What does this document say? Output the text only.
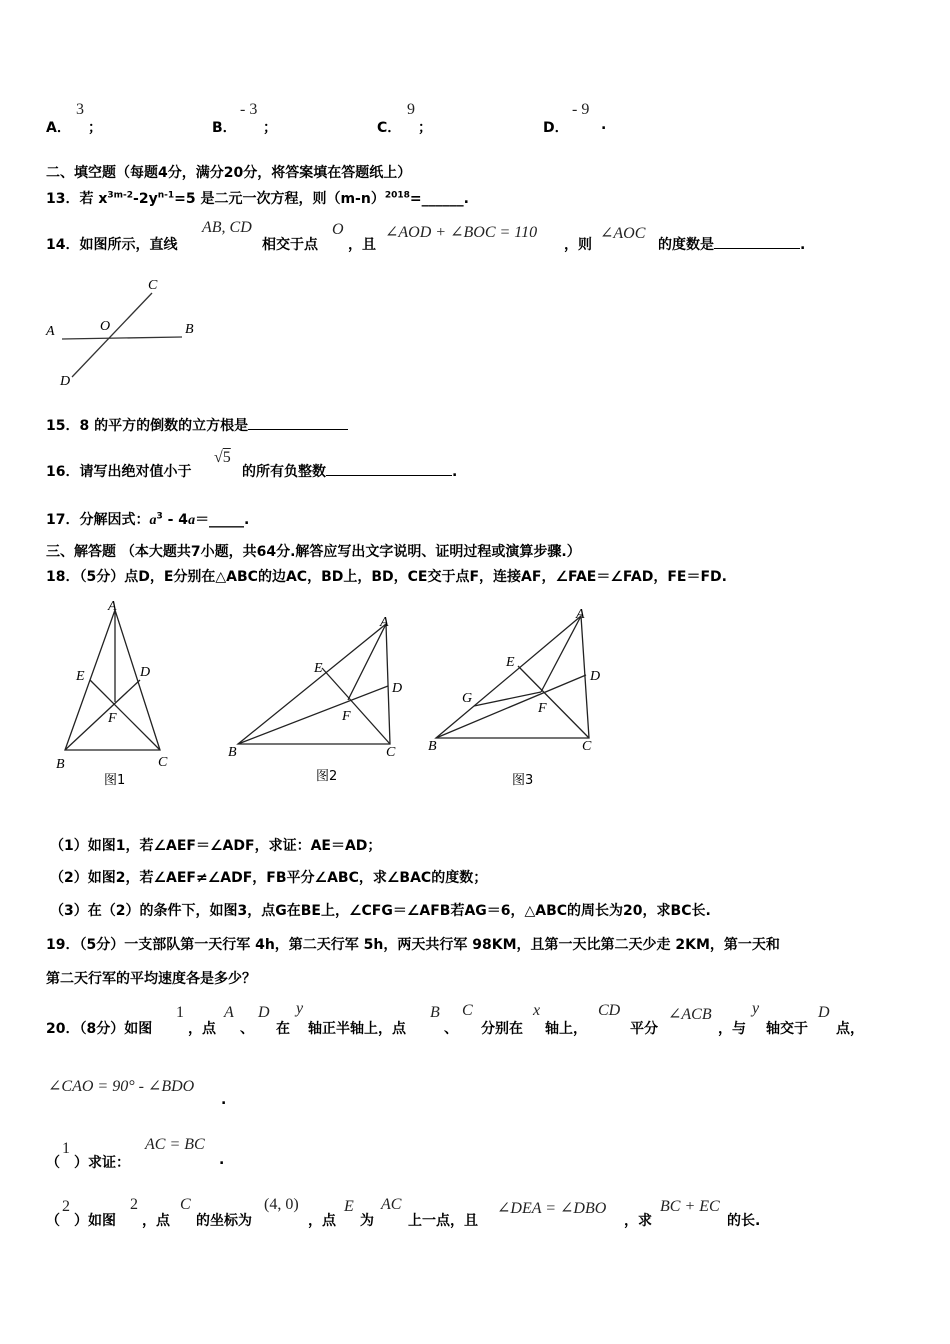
A．
3
；	B．
- 3
；	C．
9
；	D．
- 9
.
二、填空题（每题4分，满分20分，将答案填在答题纸上）
13．若 $x^{3m-2}-2y^{n-1}=5$ 是二元一次方程，则$(m-n)^{2018}=\_\_\_\_\_\_$.
14．如图所示，直线
AB, CD
相交于点
O
，且
∠AOD + ∠BOC = 110
，则
∠AOC
的度数是	.
A	O	B
C
D
15．8 的平方的倒数的立方根是
16．请写出绝对值小于
√5
的所有负整数	.
17．分解因式：$a^3$ - 4a＝_____.
三、解答题 （本大题共7小题，共64分.解答应写出文字说明、证明过程或演算步骤.）
18．（5分）点D，E分别在△ABC的边AC，BD上，BD，CE交于点F，连接AF，∠FAE＝∠FAD，FE＝FD.
A
E	D
F
B	C
图1
A
E
D
F
B	C
图2
A
E
G
D
F
B	C
图3
（1）如图1，若∠AEF＝∠ADF，求证：AE＝AD；
（2）如图2，若∠AEF≠∠ADF，FB平分∠ABC，求∠BAC的度数；
（3）在（2）的条件下，如图3，点G在BE上，∠CFG＝∠AFB若AG＝6，△ABC的周长为20，求BC长.
19．（5分）一支部队第一天行军 4h，第二天行军 5h，两天共行军 98KM，且第一天比第二天少走 2KM，第一天和
第二天行军的平均速度各是多少？
20．（8分）如图
1
，点
A
、
D
在
y
轴正半轴上，点
B
、
C
分别在
x
轴上，
CD
平分
∠ACB
，与
y
轴交于
D
点，
∠CAO = 90° - ∠BDO
.
（
1
）求证：
AC = BC
.
（
2
）如图
2
，点
C
的坐标为
(4, 0)
，点
E
为
AC
上一点，且
∠DEA = ∠DBO
，求
BC + EC
的长.
